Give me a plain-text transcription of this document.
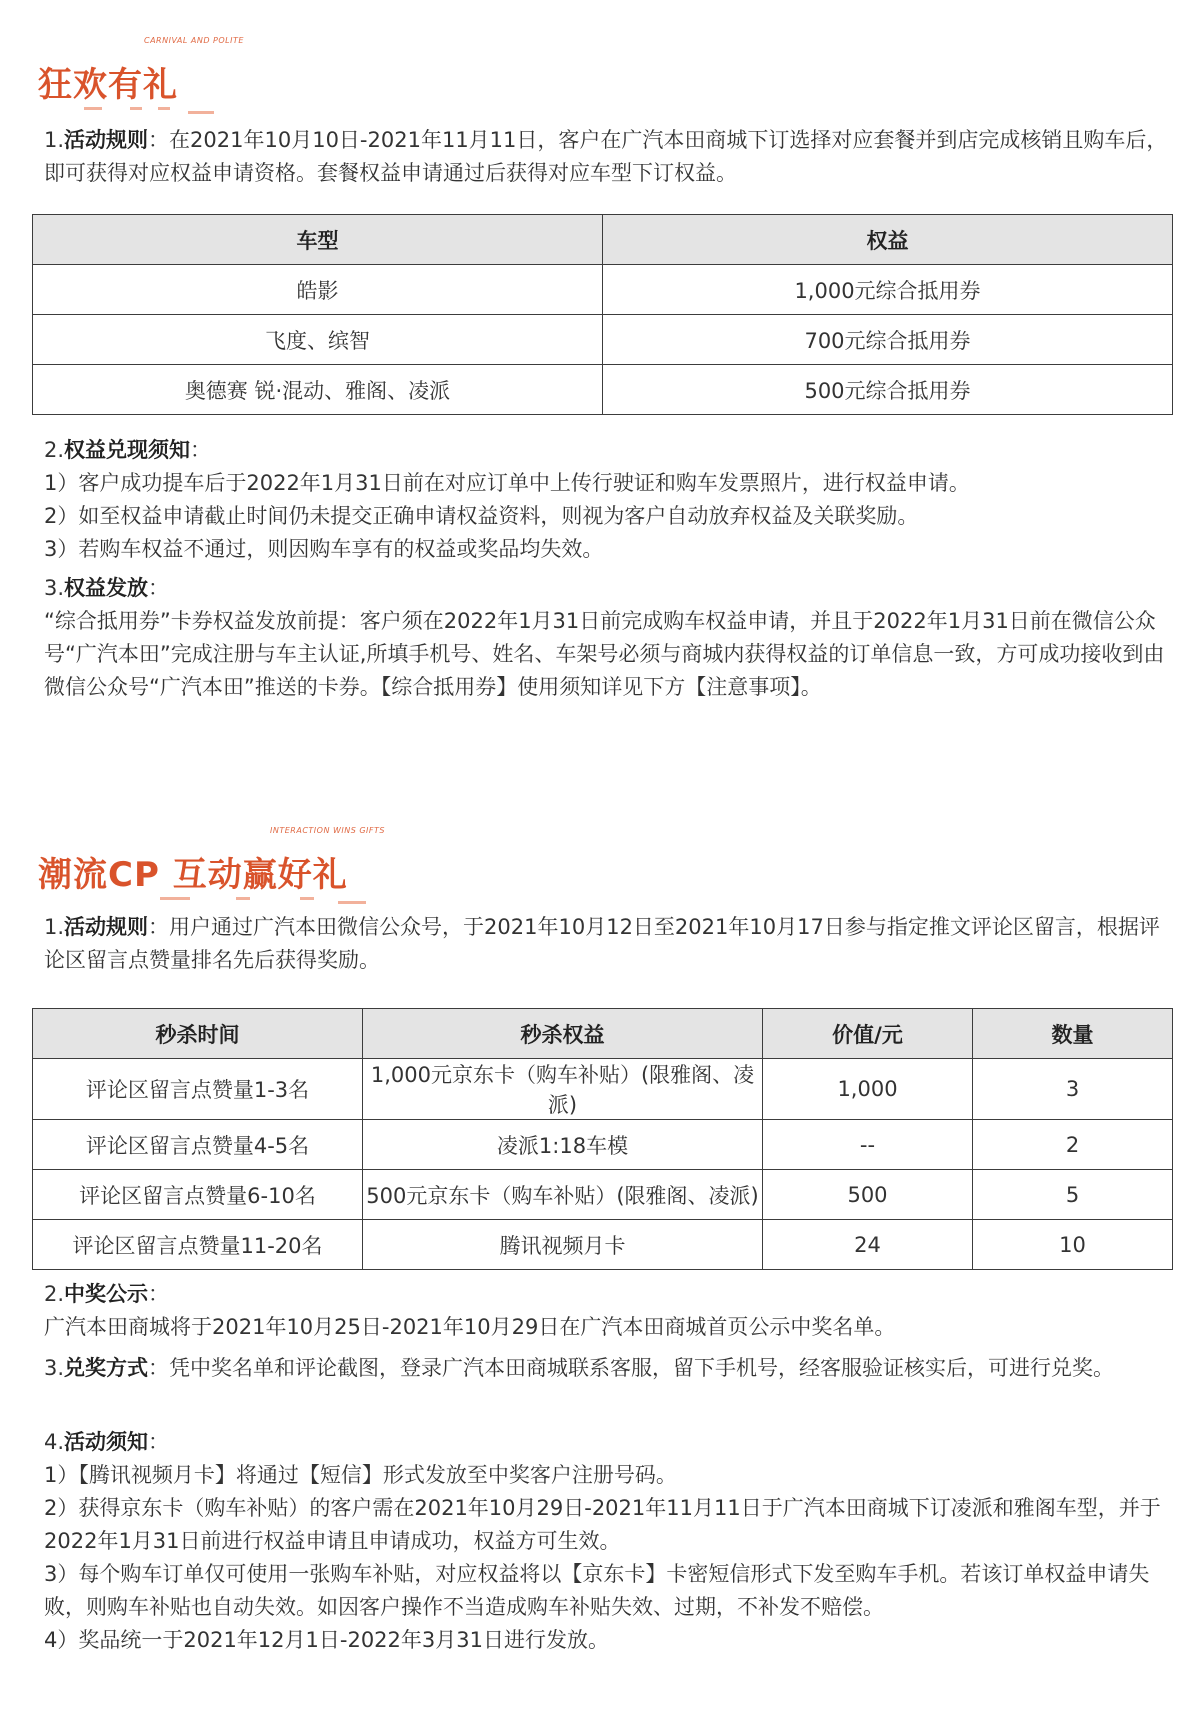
CARNIVAL AND POLITE
狂欢有礼

1.活动规则：在2021年10月10日-2021年11月11日，客户在广汽本田商城下订选择对应套餐并到店完成核销且购车后，即可获得对应权益申请资格。套餐权益申请通过后获得对应车型下订权益。

车型	权益
皓影	1,000元综合抵用券
飞度、缤智	700元综合抵用券
奥德赛 锐·混动、雅阁、凌派	500元综合抵用券

2.权益兑现须知：

1）客户成功提车后于2022年1月31日前在对应订单中上传行驶证和购车发票照片，进行权益申请。

2）如至权益申请截止时间仍未提交正确申请权益资料，则视为客户自动放弃权益及关联奖励。

3）若购车权益不通过，则因购车享有的权益或奖品均失效。

3.权益发放：

“综合抵用券”卡券权益发放前提：客户须在2022年1月31日前完成购车权益申请，并且于2022年1月31日前在微信公众号“广汽本田”完成注册与车主认证,所填手机号、姓名、车架号必须与商城内获得权益的订单信息一致，方可成功接收到由微信公众号“广汽本田”推送的卡券。【综合抵用券】使用须知详见下方【注意事项】。

INTERACTION WINS GIFTS
潮流CP 互动赢好礼

1.活动规则：用户通过广汽本田微信公众号，于2021年10月12日至2021年10月17日参与指定推文评论区留言，根据评论区留言点赞量排名先后获得奖励。

秒杀时间	秒杀权益	价值/元	数量
评论区留言点赞量1-3名	1,000元京东卡（购车补贴）(限雅阁、凌派)	1,000	3
评论区留言点赞量4-5名	凌派1:18车模	--	2
评论区留言点赞量6-10名	500元京东卡（购车补贴）(限雅阁、凌派)	500	5
评论区留言点赞量11-20名	腾讯视频月卡	24	10

2.中奖公示：

广汽本田商城将于2021年10月25日-2021年10月29日在广汽本田商城首页公示中奖名单。

3.兑奖方式：凭中奖名单和评论截图，登录广汽本田商城联系客服，留下手机号，经客服验证核实后，可进行兑奖。

4.活动须知：

1）【腾讯视频月卡】将通过【短信】形式发放至中奖客户注册号码。

2）获得京东卡（购车补贴）的客户需在2021年10月29日-2021年11月11日于广汽本田商城下订凌派和雅阁车型，并于2022年1月31日前进行权益申请且申请成功，权益方可生效。

3）每个购车订单仅可使用一张购车补贴，对应权益将以【京东卡】卡密短信形式下发至购车手机。若该订单权益申请失败，则购车补贴也自动失效。如因客户操作不当造成购车补贴失效、过期，不补发不赔偿。

4）奖品统一于2021年12月1日-2022年3月31日进行发放。
